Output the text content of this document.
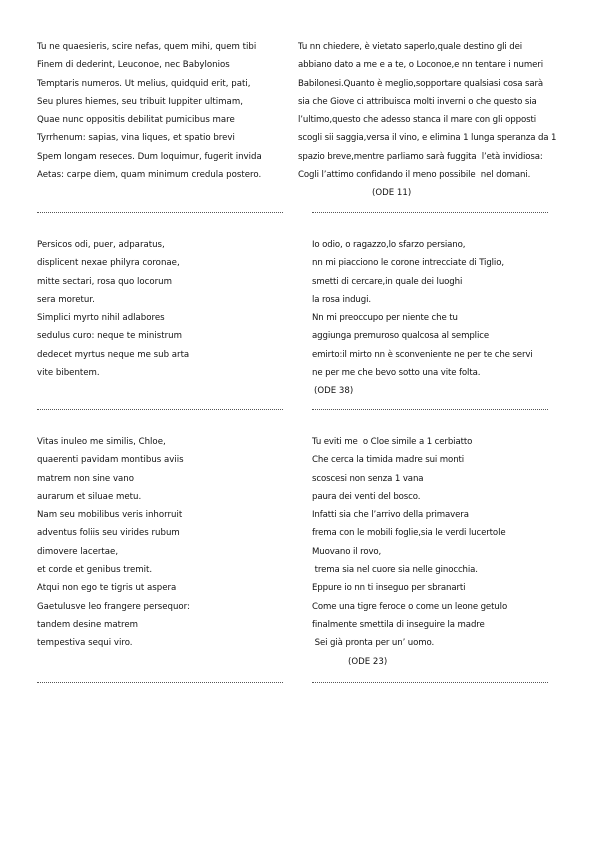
Tu ne quaesieris, scire nefas, quem mihi, quem tibi
Finem di dederint, Leuconoe, nec Babylonios
Temptaris numeros. Ut melius, quidquid erit, pati,
Seu plures hiemes, seu tribuit Iuppiter ultimam,
Quae nunc oppositis debilitat pumicibus mare
Tyrrhenum: sapias, vina liques, et spatio brevi
Spem longam reseces. Dum loquimur, fugerit invida
Aetas: carpe diem, quam minimum credula postero.
Tu nn chiedere, è vietato saperlo,quale destino gli dei
abbiano dato a me e a te, o Loconoe,e nn tentare i numeri
Babilonesi.Quanto è meglio,sopportare qualsiasi cosa sarà
sia che Giove ci attribuisca molti inverni o che questo sia
l’ultimo,questo che adesso stanca il mare con gli opposti
scogli sii saggia,versa il vino, e elimina 1 lunga speranza da 1
spazio breve,mentre parliamo sarà fuggita  l’età invidiosa:
Cogli l’attimo confidando il meno possibile  nel domani.
(ODE 11)
Persicos odi, puer, adparatus,
displicent nexae philyra coronae,
mitte sectari, rosa quo locorum
sera moretur.
Simplici myrto nihil adlabores
sedulus curo: neque te ministrum
dedecet myrtus neque me sub arta
vite bibentem.
Io odio, o ragazzo,lo sfarzo persiano,
nn mi piacciono le corone intrecciate di Tiglio,
smetti di cercare,in quale dei luoghi
la rosa indugi.
Nn mi preoccupo per niente che tu
aggiunga premuroso qualcosa al semplice
emirto:il mirto nn è sconveniente ne per te che servi
ne per me che bevo sotto una vite folta.
(ODE 38)
Vitas inuleo me similis, Chloe,
quaerenti pavidam montibus aviis
matrem non sine vano
aurarum et siluae metu.
Nam seu mobilibus veris inhorruit
adventus foliis seu virides rubum
dimovere lacertae,
et corde et genibus tremit.
Atqui non ego te tigris ut aspera
Gaetulusve leo frangere persequor:
tandem desine matrem
tempestiva sequi viro.
Tu eviti me  o Cloe simile a 1 cerbiatto
Che cerca la timida madre sui monti
scoscesi non senza 1 vana
paura dei venti del bosco.
Infatti sia che l’arrivo della primavera
frema con le mobili foglie,sia le verdi lucertole
Muovano il rovo,
trema sia nel cuore sia nelle ginocchia.
Eppure io nn ti inseguo per sbranarti
Come una tigre feroce o come un leone getulo
finalmente smettila di inseguire la madre
Sei già pronta per un’ uomo.
(ODE 23)
